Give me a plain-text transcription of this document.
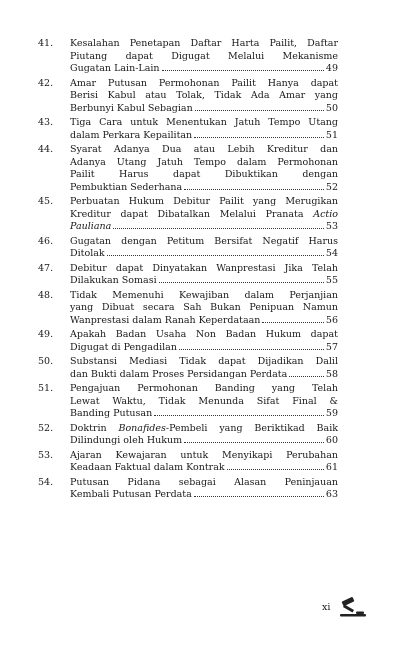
41. Kesalahan Penetapan Daftar Harta Pailit, Daftar
Piutang dapat Digugat Melalui Mekanisme
Gugatan Lain-Lain	49
42. Amar Putusan Permohonan Pailit Hanya dapat
Berisi Kabul atau Tolak, Tidak Ada Amar yang
Berbunyi Kabul Sebagian	50
43. Tiga Cara untuk Menentukan Jatuh Tempo Utang
dalam Perkara Kepailitan	51
44. Syarat Adanya Dua atau Lebih Kreditur dan
Adanya Utang Jatuh Tempo dalam Permohonan
Pailit Harus dapat Dibuktikan dengan
Pembuktian Sederhana	52
45. Perbuatan Hukum Debitur Pailit yang Merugikan
Kreditur dapat Dibatalkan Melalui Pranata Actio
Pauliana	53
46. Gugatan dengan Petitum Bersifat Negatif Harus
Ditolak	54
47. Debitur dapat Dinyatakan Wanprestasi Jika Telah
Dilakukan Somasi	55
48. Tidak Memenuhi Kewajiban dalam Perjanjian
yang Dibuat secara Sah Bukan Penipuan Namun
Wanprestasi dalam Ranah Keperdataan	56
49. Apakah Badan Usaha Non Badan Hukum dapat
Digugat di Pengadilan	57
50. Substansi Mediasi Tidak dapat Dijadikan Dalil
dan Bukti dalam Proses Persidangan Perdata	58
51. Pengajuan Permohonan Banding yang Telah
Lewat Waktu, Tidak Menunda Sifat Final &
Banding Putusan	59
52. Doktrin Bonafides-Pembeli yang Beriktikad Baik
Dilindungi oleh Hukum	60
53. Ajaran Kewajaran untuk Menyikapi Perubahan
Keadaan Faktual dalam Kontrak	61
54. Putusan Pidana sebagai Alasan Peninjauan
Kembali Putusan Perdata	63
xi
